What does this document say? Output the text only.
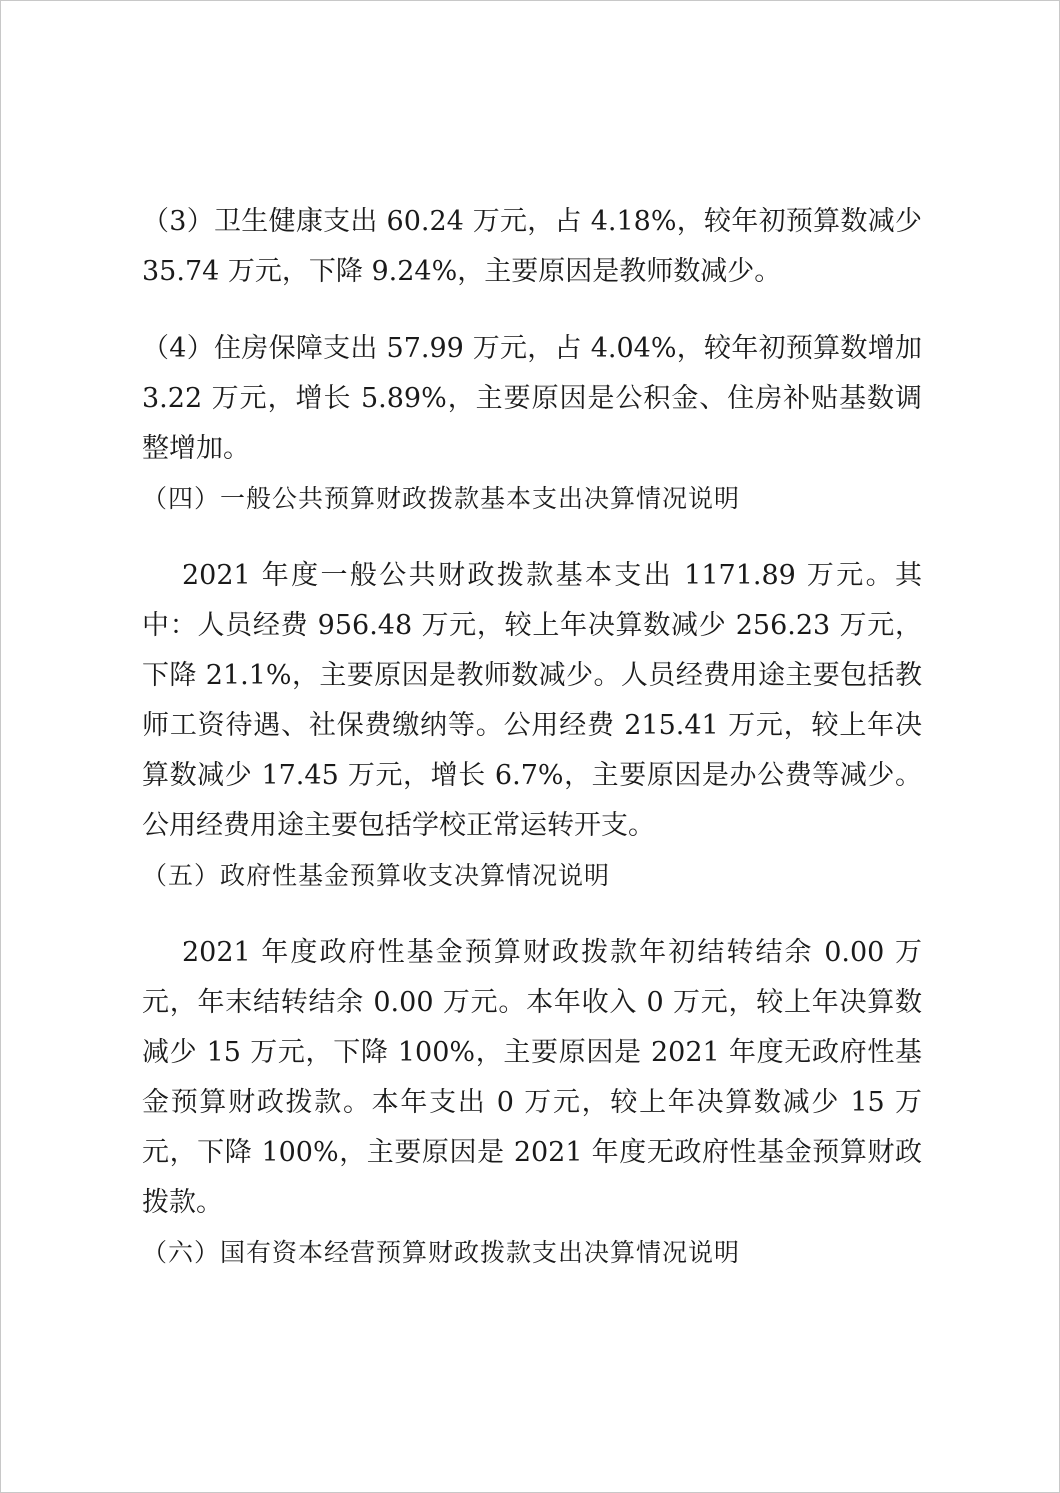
（3）卫生健康支出 60.24 万元，占 4.18%，较年初预算数减少 35.74 万元，下降 9.24%，主要原因是教师数减少。

（4）住房保障支出 57.99 万元，占 4.04%，较年初预算数增加 3.22 万元，增长 5.89%，主要原因是公积金、住房补贴基数调整增加。

（四）一般公共预算财政拨款基本支出决算情况说明

2021 年度一般公共财政拨款基本支出 1171.89 万元。其中：人员经费 956.48 万元，较上年决算数减少 256.23 万元，下降 21.1%，主要原因是教师数减少。人员经费用途主要包括教师工资待遇、社保费缴纳等。公用经费 215.41 万元，较上年决算数减少 17.45 万元，增长 6.7%，主要原因是办公费等减少。公用经费用途主要包括学校正常运转开支。

（五）政府性基金预算收支决算情况说明

2021 年度政府性基金预算财政拨款年初结转结余 0.00 万元，年末结转结余 0.00 万元。本年收入 0 万元，较上年决算数减少 15 万元，下降 100%，主要原因是 2021 年度无政府性基金预算财政拨款。本年支出 0 万元，较上年决算数减少 15 万元，下降 100%，主要原因是 2021 年度无政府性基金预算财政拨款。

（六）国有资本经营预算财政拨款支出决算情况说明
